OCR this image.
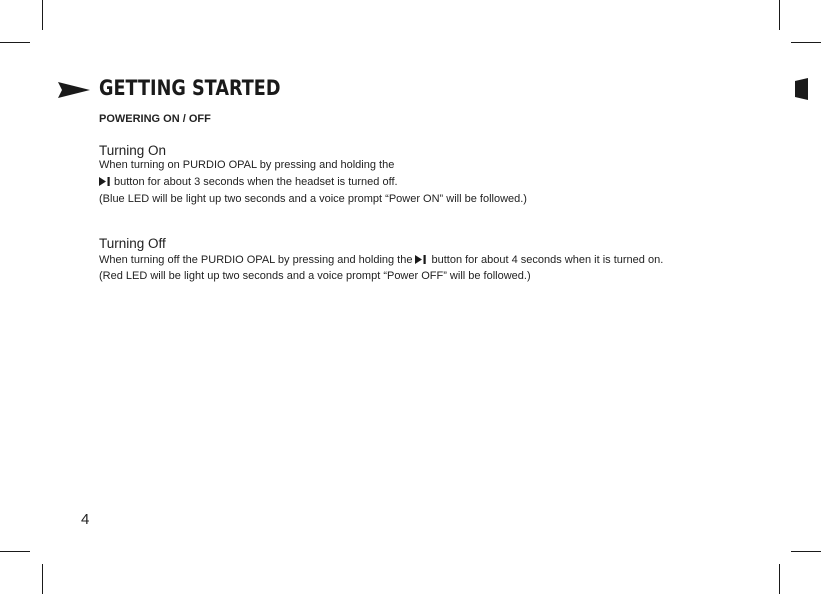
GETTING STARTED
POWERING ON / OFF
Turning On
When turning on PURDIO OPAL by pressing and holding the
button for about 3 seconds when the headset is turned off.
(Blue LED will be light up two seconds and a voice prompt “Power ON” will be followed.)
Turning Off
When turning off the PURDIO OPAL by pressing and holding the button for about 4 seconds when it is turned on.
(Red LED will be light up two seconds and a voice prompt “Power OFF” will be followed.)
4
